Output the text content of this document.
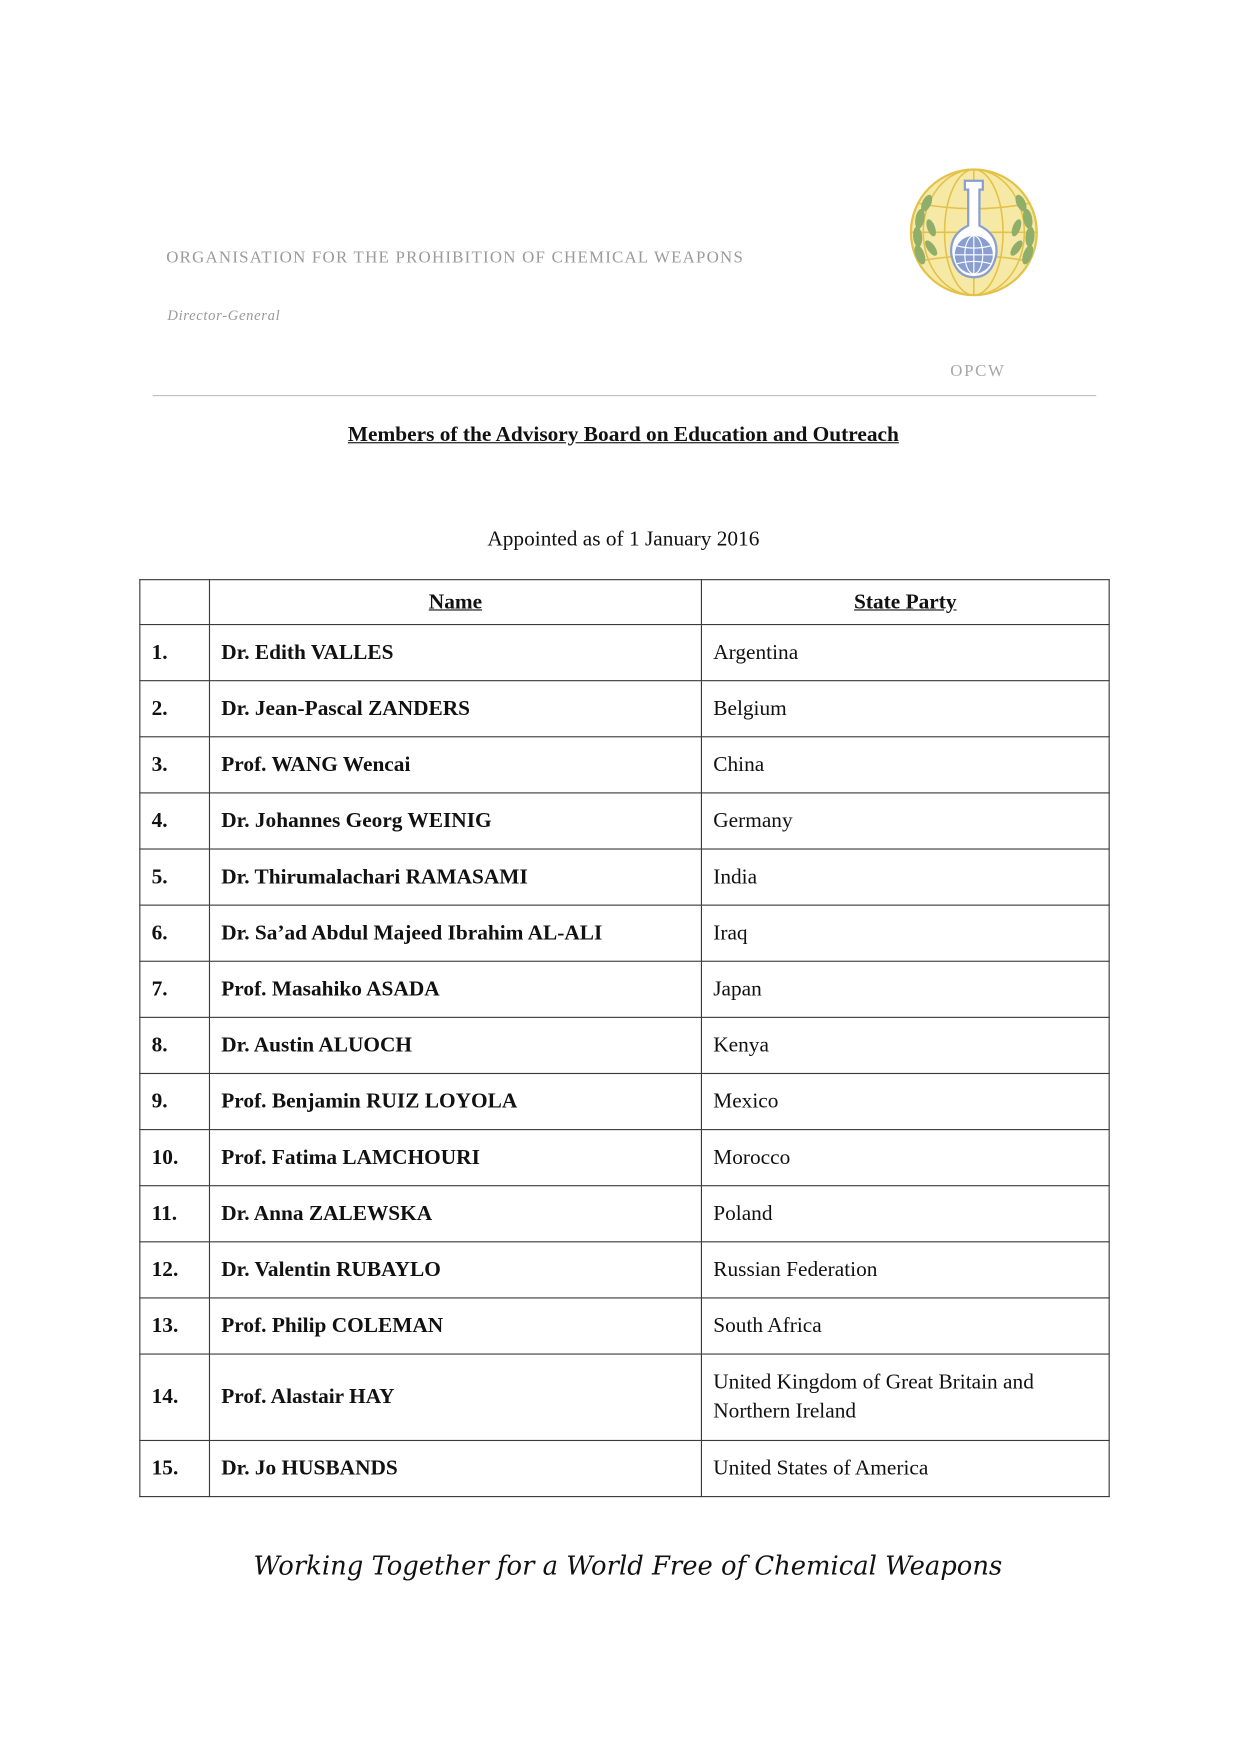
ORGANISATION FOR THE PROHIBITION OF CHEMICAL WEAPONS
Director-General
OPCW
Members of the Advisory Board on Education and Outreach
Appointed as of 1 January 2016
	Name	State Party
1.	Dr. Edith VALLES	Argentina
2.	Dr. Jean-Pascal ZANDERS	Belgium
3.	Prof. WANG Wencai	China
4.	Dr. Johannes Georg WEINIG	Germany
5.	Dr. Thirumalachari RAMASAMI	India
6.	Dr. Sa’ad Abdul Majeed Ibrahim AL-ALI	Iraq
7.	Prof. Masahiko ASADA	Japan
8.	Dr. Austin ALUOCH	Kenya
9.	Prof. Benjamin RUIZ LOYOLA	Mexico
10.	Prof. Fatima LAMCHOURI	Morocco
11.	Dr. Anna ZALEWSKA	Poland
12.	Dr. Valentin RUBAYLO	Russian Federation
13.	Prof. Philip COLEMAN	South Africa
14.	Prof. Alastair HAY	United Kingdom of Great Britain and Northern Ireland
15.	Dr. Jo HUSBANDS	United States of America
Working Together for a World Free of Chemical Weapons
